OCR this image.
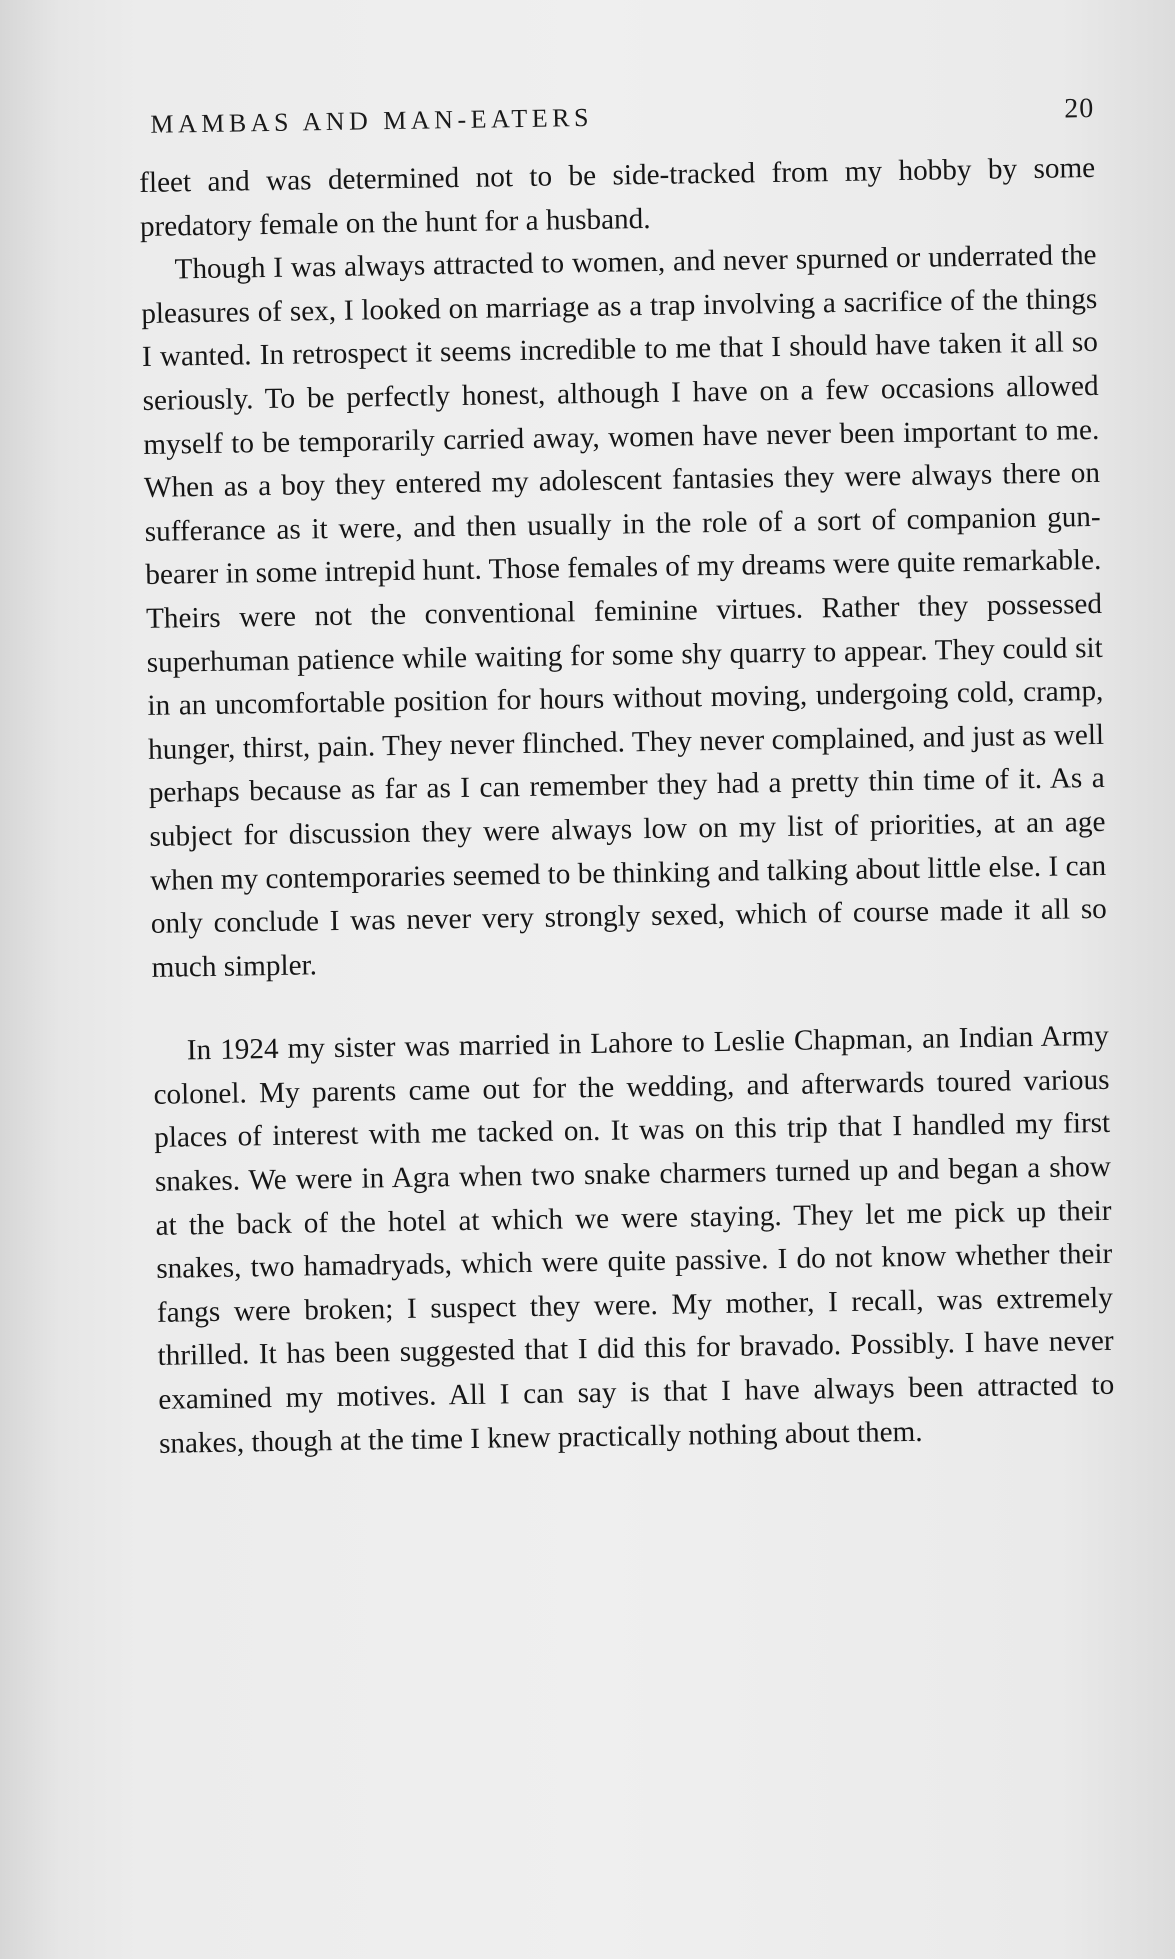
MAMBAS AND MAN-EATERS	20

fleet and was determined not to be side-tracked from my hobby by some predatory female on the hunt for a husband.

Though I was always attracted to women, and never spurned or underrated the pleasures of sex, I looked on marriage as a trap involving a sacrifice of the things I wanted. In retrospect it seems incredible to me that I should have taken it all so seriously. To be perfectly honest, although I have on a few occasions allowed myself to be temporarily carried away, women have never been important to me. When as a boy they entered my adolescent fantasies they were always there on sufferance as it were, and then usually in the role of a sort of companion gun-bearer in some intrepid hunt. Those females of my dreams were quite remarkable. Theirs were not the conventional feminine virtues. Rather they possessed superhuman patience while waiting for some shy quarry to appear. They could sit in an uncomfortable position for hours without moving, undergoing cold, cramp, hunger, thirst, pain. They never flinched. They never complained, and just as well perhaps because as far as I can remember they had a pretty thin time of it. As a subject for discussion they were always low on my list of priorities, at an age when my contemporaries seemed to be thinking and talking about little else. I can only conclude I was never very strongly sexed, which of course made it all so much simpler.

In 1924 my sister was married in Lahore to Leslie Chapman, an Indian Army colonel. My parents came out for the wedding, and afterwards toured various places of interest with me tacked on. It was on this trip that I handled my first snakes. We were in Agra when two snake charmers turned up and began a show at the back of the hotel at which we were staying. They let me pick up their snakes, two hamadryads, which were quite passive. I do not know whether their fangs were broken; I suspect they were. My mother, I recall, was extremely thrilled. It has been suggested that I did this for bravado. Possibly. I have never examined my motives. All I can say is that I have always been attracted to snakes, though at the time I knew practically nothing about them.
